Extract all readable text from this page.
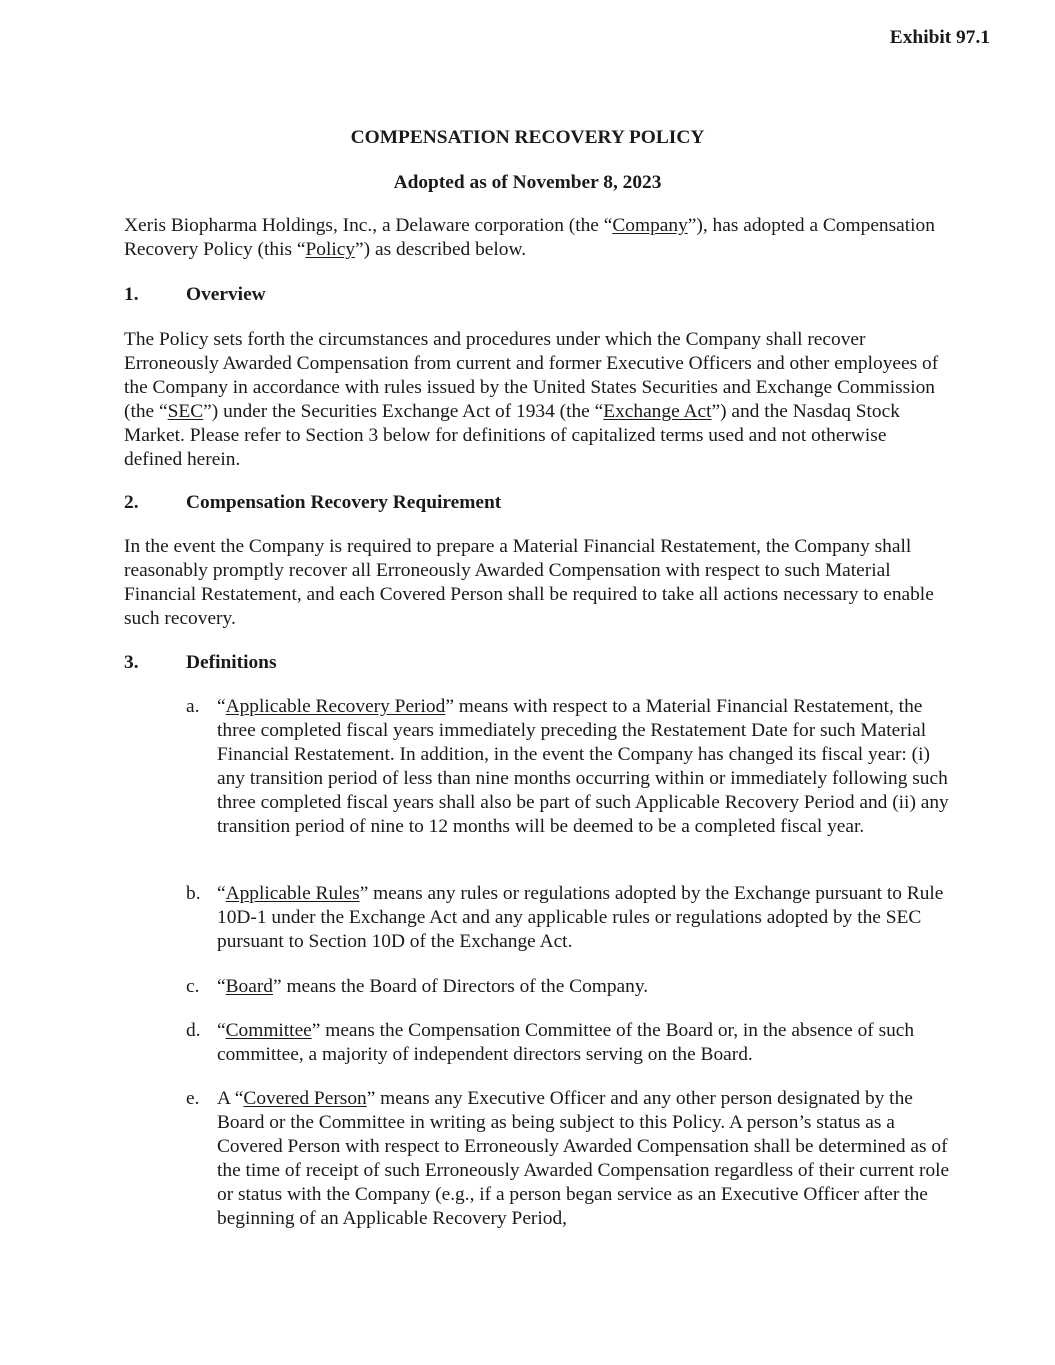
Exhibit 97.1
COMPENSATION RECOVERY POLICY
Adopted as of November 8, 2023
Xeris Biopharma Holdings, Inc., a Delaware corporation (the “Company”), has adopted a Compensation Recovery Policy (this “Policy”) as described below.
1. Overview
The Policy sets forth the circumstances and procedures under which the Company shall recover Erroneously Awarded Compensation from current and former Executive Officers and other employees of the Company in accordance with rules issued by the United States Securities and Exchange Commission (the “SEC”) under the Securities Exchange Act of 1934 (the “Exchange Act”) and the Nasdaq Stock Market. Please refer to Section 3 below for definitions of capitalized terms used and not otherwise defined herein.
2. Compensation Recovery Requirement
In the event the Company is required to prepare a Material Financial Restatement, the Company shall reasonably promptly recover all Erroneously Awarded Compensation with respect to such Material Financial Restatement, and each Covered Person shall be required to take all actions necessary to enable such recovery.
3. Definitions
a. “Applicable Recovery Period” means with respect to a Material Financial Restatement, the three completed fiscal years immediately preceding the Restatement Date for such Material Financial Restatement. In addition, in the event the Company has changed its fiscal year: (i) any transition period of less than nine months occurring within or immediately following such three completed fiscal years shall also be part of such Applicable Recovery Period and (ii) any transition period of nine to 12 months will be deemed to be a completed fiscal year.
b. “Applicable Rules” means any rules or regulations adopted by the Exchange pursuant to Rule 10D-1 under the Exchange Act and any applicable rules or regulations adopted by the SEC pursuant to Section 10D of the Exchange Act.
c. “Board” means the Board of Directors of the Company.
d. “Committee” means the Compensation Committee of the Board or, in the absence of such committee, a majority of independent directors serving on the Board.
e. A “Covered Person” means any Executive Officer and any other person designated by the Board or the Committee in writing as being subject to this Policy. A person’s status as a Covered Person with respect to Erroneously Awarded Compensation shall be determined as of the time of receipt of such Erroneously Awarded Compensation regardless of their current role or status with the Company (e.g., if a person began service as an Executive Officer after the beginning of an Applicable Recovery Period,
